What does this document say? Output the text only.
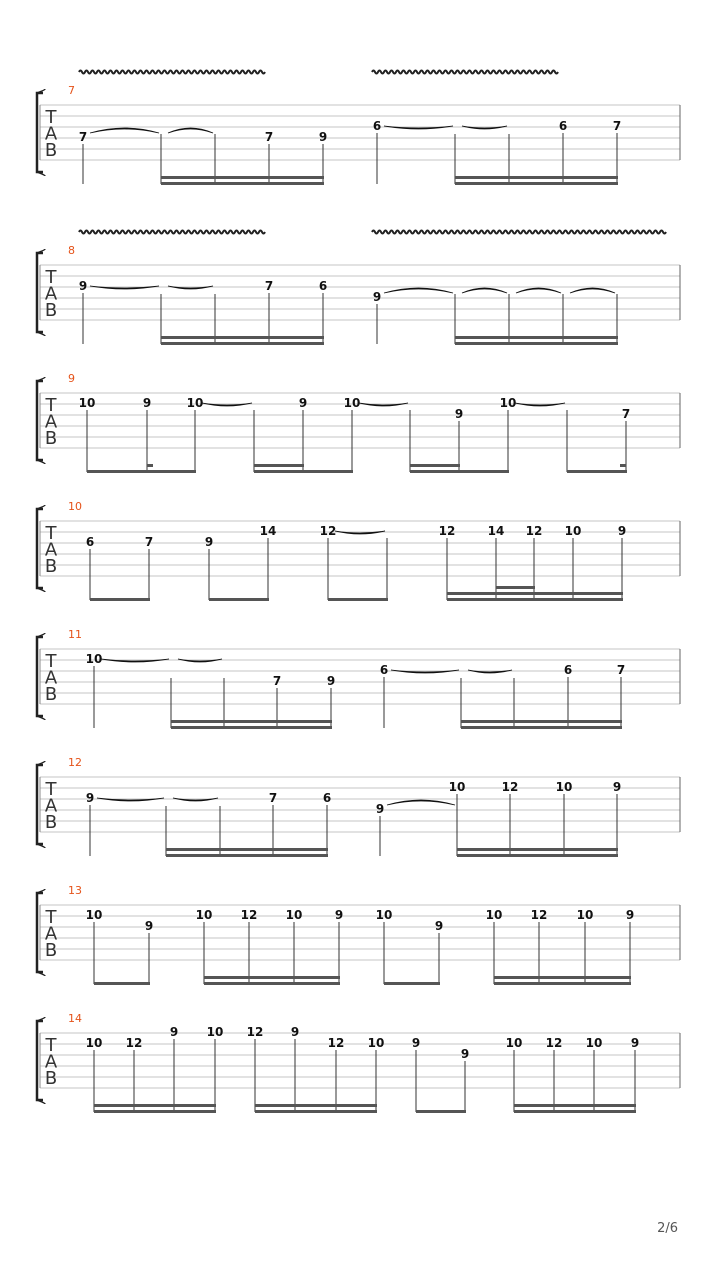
T
A
B
7
7	7	9
6	6	7
T
A
B
8
9	7	6
9
T
A
B
9
10	9	10	9	10
9
10
7
T
A
B
10
6	7	9
14	12	12	14 12 10	9
T
A
B
11
10
7	9
6	6	7
T
A
B
12
9	7	6
9
10	12	10	9
T
A
B
13
10
9
10 12 10	9	10
9
10 12 10	9
T
A
B
14
10 12
9 10 12 9
12 10 9
9
10 12 10 9
2/6
